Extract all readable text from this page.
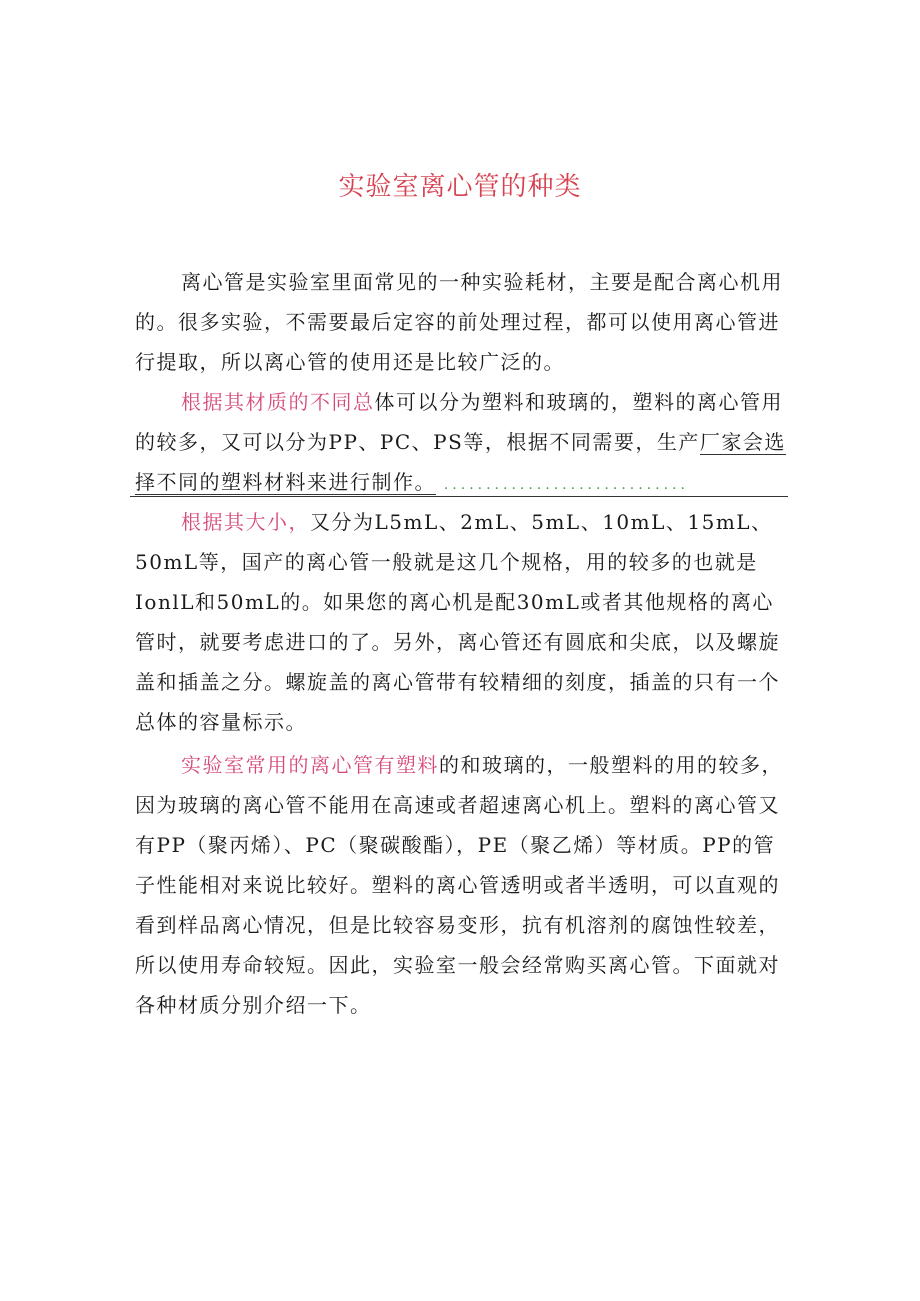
实验室离心管的种类
离心管是实验室里面常见的一种实验耗材，主要是配合离心机用
的。很多实验，不需要最后定容的前处理过程，都可以使用离心管进
行提取，所以离心管的使用还是比较广泛的。
根据其材质的不同总体可以分为塑料和玻璃的，塑料的离心管用
的较多，又可以分为PP、PC、PS等，根据不同需要，生产厂家会选
择不同的塑料材料来进行制作。 .............................
根据其大小，又分为L5mL、2mL、5mL、10mL、15mL、
50mL等，国产的离心管一般就是这几个规格，用的较多的也就是
IonlL和50mL的。如果您的离心机是配30mL或者其他规格的离心
管时，就要考虑进口的了。另外，离心管还有圆底和尖底，以及螺旋
盖和插盖之分。螺旋盖的离心管带有较精细的刻度，插盖的只有一个
总体的容量标示。
实验室常用的离心管有塑料的和玻璃的，一般塑料的用的较多，
因为玻璃的离心管不能用在高速或者超速离心机上。塑料的离心管又
有PP（聚丙烯）、PC（聚碳酸酯），PE（聚乙烯）等材质。PP的管
子性能相对来说比较好。塑料的离心管透明或者半透明，可以直观的
看到样品离心情况，但是比较容易变形，抗有机溶剂的腐蚀性较差，
所以使用寿命较短。因此，实验室一般会经常购买离心管。下面就对
各种材质分别介绍一下。
